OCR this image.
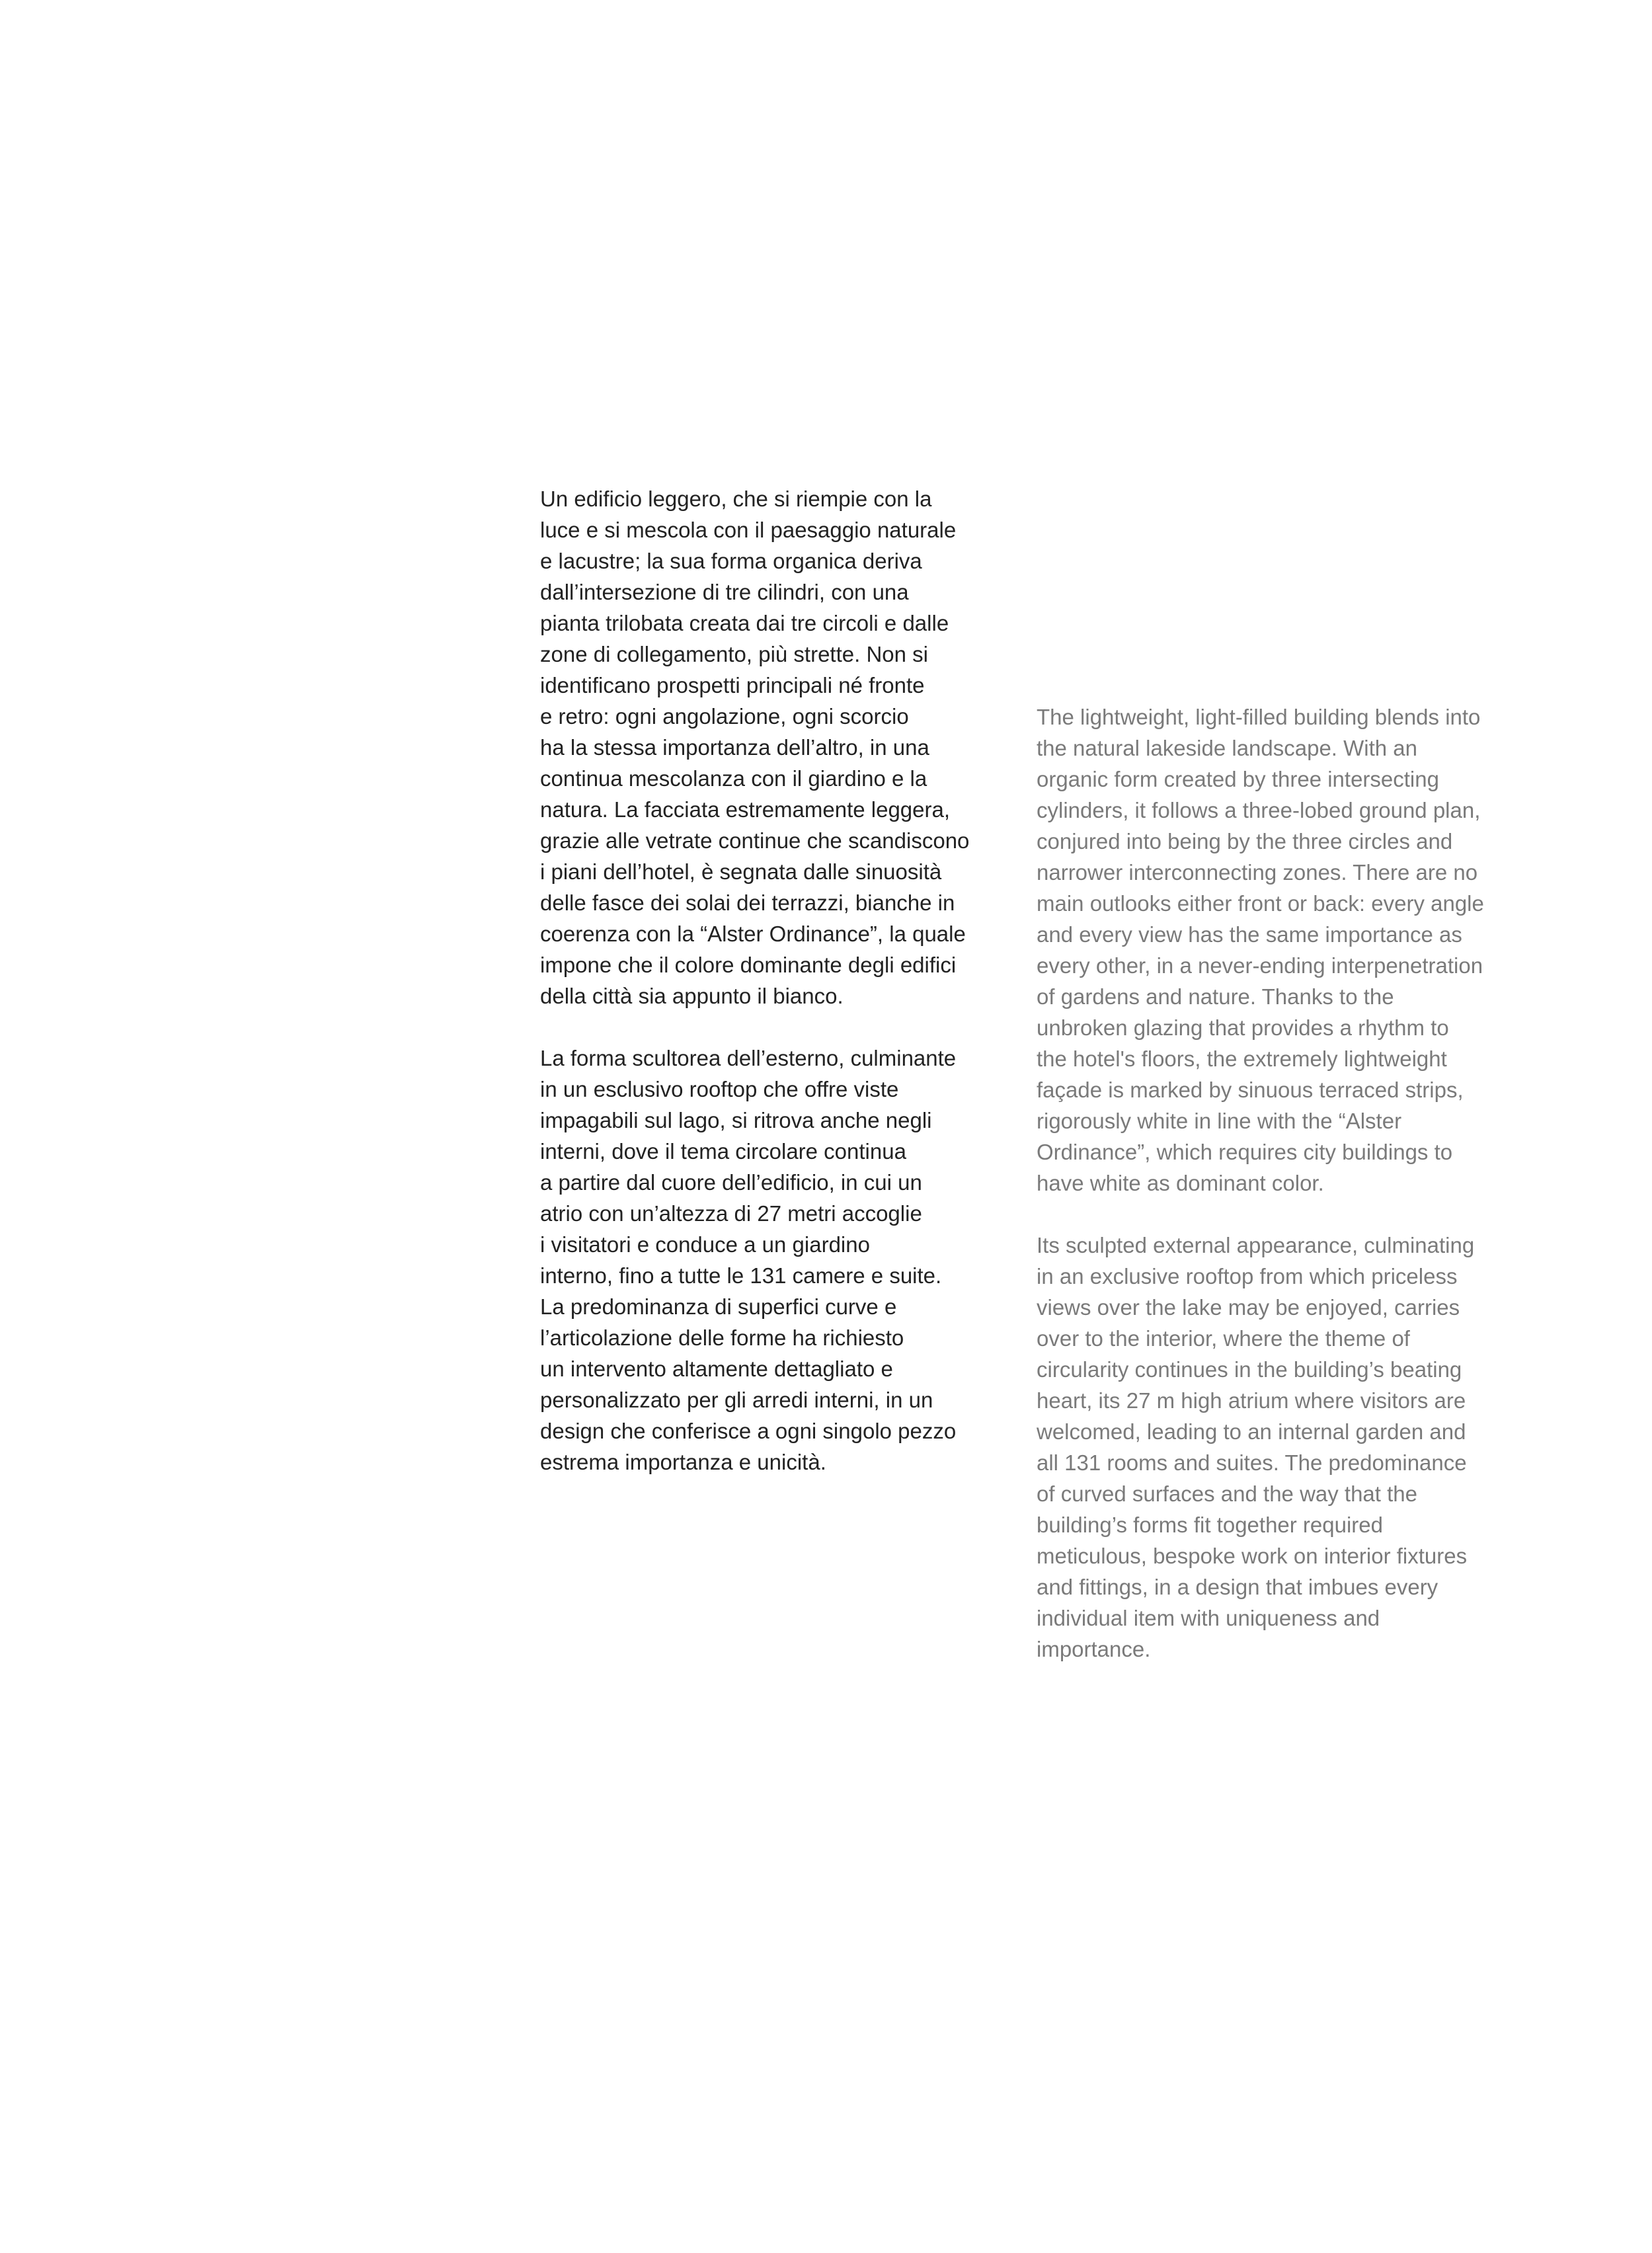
Un edificio leggero, che si riempie con la

luce e si mescola con il paesaggio naturale

e lacustre; la sua forma organica deriva

dall’intersezione di tre cilindri, con una

pianta trilobata creata dai tre circoli e dalle

zone di collegamento, più strette. Non si

identificano prospetti principali né fronte

e retro: ogni angolazione, ogni scorcio

ha la stessa importanza dell’altro, in una

continua mescolanza con il giardino e la

natura. La facciata estremamente leggera,

grazie alle vetrate continue che scandiscono

i piani dell’hotel, è segnata dalle sinuosità

delle fasce dei solai dei terrazzi, bianche in

coerenza con la “Alster Ordinance”, la quale

impone che il colore dominante degli edifici

della città sia appunto il bianco.

La forma scultorea dell’esterno, culminante

in un esclusivo rooftop che offre viste

impagabili sul lago, si ritrova anche negli

interni, dove il tema circolare continua

a partire dal cuore dell’edificio, in cui un

atrio con un’altezza di 27 metri accoglie

i visitatori e conduce a un giardino

interno, fino a tutte le 131 camere e suite.

La predominanza di superfici curve e

l’articolazione delle forme ha richiesto

un intervento altamente dettagliato e

personalizzato per gli arredi interni, in un

design che conferisce a ogni singolo pezzo

estrema importanza e unicità.

The lightweight, light-filled building blends into

the natural lakeside landscape. With an

organic form created by three intersecting

cylinders, it follows a three-lobed ground plan,

conjured into being by the three circles and

narrower interconnecting zones. There are no

main outlooks either front or back: every angle

and every view has the same importance as

every other, in a never-ending interpenetration

of gardens and nature. Thanks to the

unbroken glazing that provides a rhythm to

the hotel's floors, the extremely lightweight

façade is marked by sinuous terraced strips,

rigorously white in line with the “Alster

Ordinance”, which requires city buildings to

have white as dominant color.

Its sculpted external appearance, culminating

in an exclusive rooftop from which priceless

views over the lake may be enjoyed, carries

over to the interior, where the theme of

circularity continues in the building’s beating

heart, its 27 m high atrium where visitors are

welcomed, leading to an internal garden and

all 131 rooms and suites. The predominance

of curved surfaces and the way that the

building’s forms fit together required

meticulous, bespoke work on interior fixtures

and fittings, in a design that imbues every

individual item with uniqueness and

importance.
